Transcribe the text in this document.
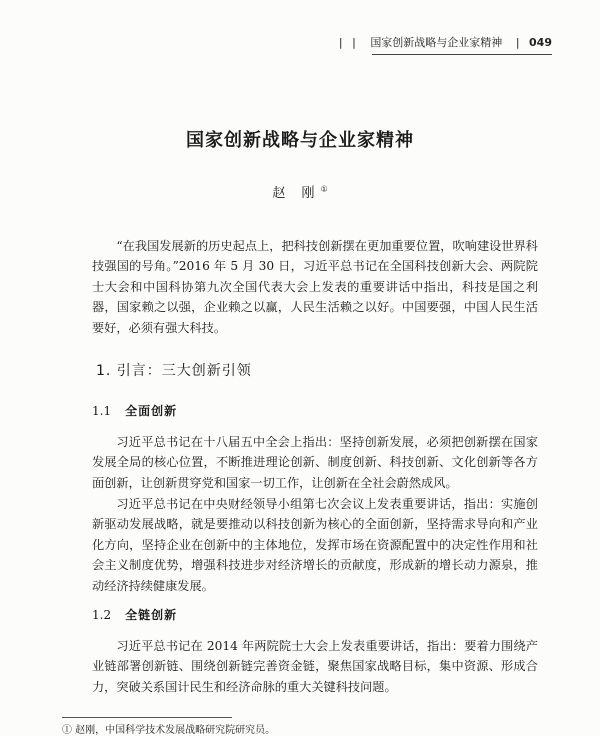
| | 国家创新战略与企业家精神 | 049
国家创新战略与企业家精神
赵 刚①

“在我国发展新的历史起点上，把科技创新摆在更加重要位置，吹响建设世界科技强国的号角。”2016 年 5 月 30 日，习近平总书记在全国科技创新大会、两院院士大会和中国科协第九次全国代表大会上发表的重要讲话中指出，科技是国之利器，国家赖之以强，企业赖之以赢，人民生活赖之以好。中国要强，中国人民生活要好，必须有强大科技。

1. 引言：三大创新引领
1.1 全面创新

习近平总书记在十八届五中全会上指出：坚持创新发展，必须把创新摆在国家发展全局的核心位置，不断推进理论创新、制度创新、科技创新、文化创新等各方面创新，让创新贯穿党和国家一切工作，让创新在全社会蔚然成风。

习近平总书记在中央财经领导小组第七次会议上发表重要讲话，指出：实施创新驱动发展战略，就是要推动以科技创新为核心的全面创新，坚持需求导向和产业化方向，坚持企业在创新中的主体地位，发挥市场在资源配置中的决定性作用和社会主义制度优势，增强科技进步对经济增长的贡献度，形成新的增长动力源泉，推动经济持续健康发展。

1.2 全链创新

习近平总书记在 2014 年两院院士大会上发表重要讲话，指出：要着力围绕产业链部署创新链、围绕创新链完善资金链，聚焦国家战略目标，集中资源、形成合力，突破关系国计民生和经济命脉的重大关键科技问题。

① 赵刚，中国科学技术发展战略研究院研究员。
